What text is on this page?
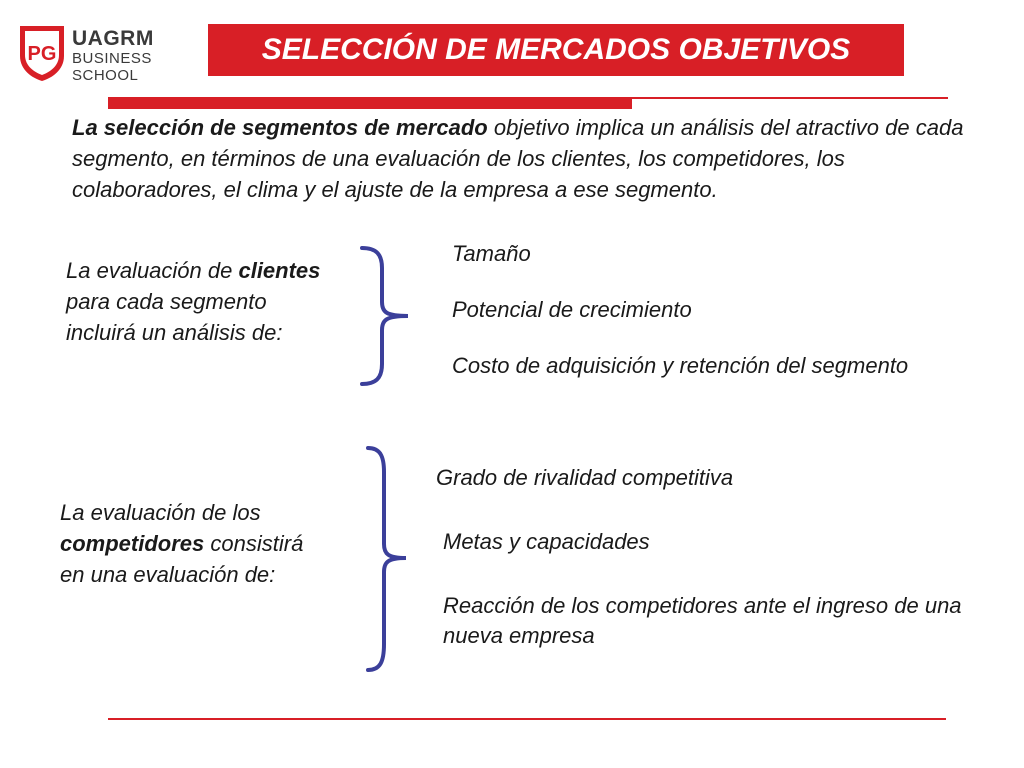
PG
UAGRM
BUSINESS
SCHOOL
SELECCIÓN DE MERCADOS OBJETIVOS
La selección de segmentos de mercado objetivo implica un análisis del atractivo de cada segmento, en términos de una evaluación de los clientes, los competidores, los colaboradores, el clima y el ajuste de la empresa a ese segmento.
La evaluación de clientes para cada segmento incluirá un análisis de:
Tamaño
Potencial de crecimiento
Costo de adquisición y retención del segmento
La evaluación de los competidores consistirá en una evaluación de:
Grado de rivalidad competitiva
Metas y capacidades
Reacción de los competidores ante el ingreso de una nueva empresa
